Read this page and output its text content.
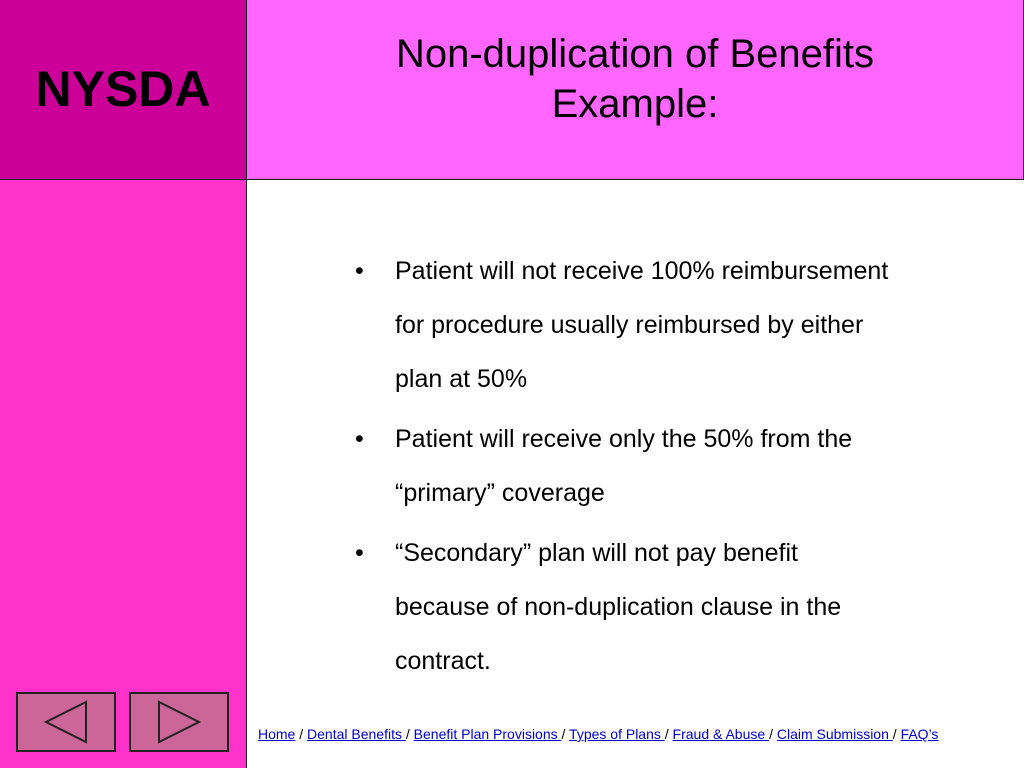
NYSDA
Non-duplication of Benefits
Example:
• Patient will not receive 100% reimbursement for procedure usually reimbursed by either plan at 50%
• Patient will receive only the 50% from the “primary” coverage
• “Secondary” plan will not pay benefit because of non-duplication clause in the contract.
Home / Dental Benefits / Benefit Plan Provisions / Types of Plans / Fraud & Abuse / Claim Submission / FAQ’s
